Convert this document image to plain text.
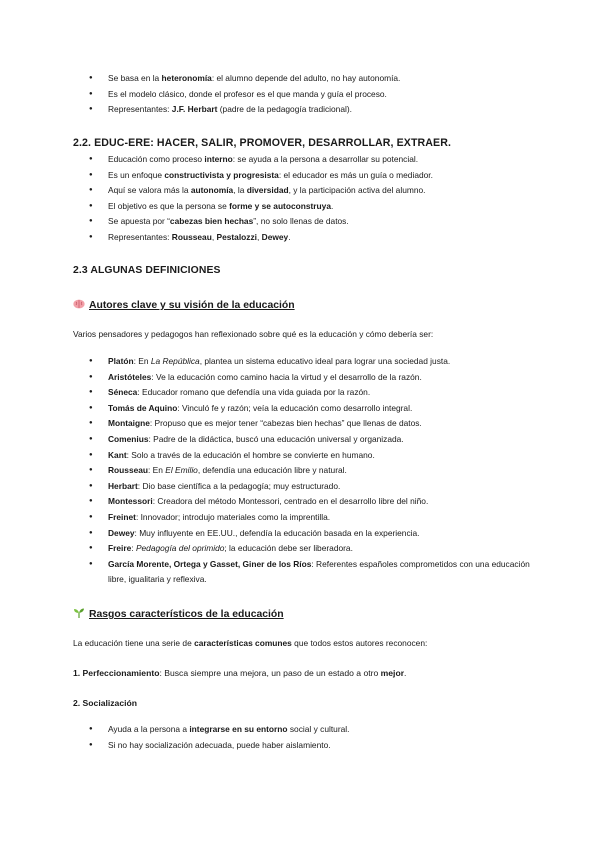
● Se basa en la heteronomía: el alumno depende del adulto, no hay autonomía.
● Es el modelo clásico, donde el profesor es el que manda y guía el proceso.
● Representantes: J.F. Herbart (padre de la pedagogía tradicional).
2.2. EDUC-ERE: HACER, SALIR, PROMOVER, DESARROLLAR, EXTRAER.
● Educación como proceso interno: se ayuda a la persona a desarrollar su potencial.
● Es un enfoque constructivista y progresista: el educador es más un guía o mediador.
● Aquí se valora más la autonomía, la diversidad, y la participación activa del alumno.
● El objetivo es que la persona se forme y se autoconstruya.
● Se apuesta por “cabezas bien hechas”, no solo llenas de datos.
● Representantes: Rousseau, Pestalozzi, Dewey.
2.3 ALGUNAS DEFINICIONES
Autores clave y su visión de la educación
Varios pensadores y pedagogos han reflexionado sobre qué es la educación y cómo debería ser:
● Platón: En La República, plantea un sistema educativo ideal para lograr una sociedad justa.
● Aristóteles: Ve la educación como camino hacia la virtud y el desarrollo de la razón.
● Séneca: Educador romano que defendía una vida guiada por la razón.
● Tomás de Aquino: Vinculó fe y razón; veía la educación como desarrollo integral.
● Montaigne: Propuso que es mejor tener “cabezas bien hechas” que llenas de datos.
● Comenius: Padre de la didáctica, buscó una educación universal y organizada.
● Kant: Solo a través de la educación el hombre se convierte en humano.
● Rousseau: En El Emilio, defendía una educación libre y natural.
● Herbart: Dio base científica a la pedagogía; muy estructurado.
● Montessori: Creadora del método Montessori, centrado en el desarrollo libre del niño.
● Freinet: Innovador; introdujo materiales como la imprentilla.
● Dewey: Muy influyente en EE.UU., defendía la educación basada en la experiencia.
● Freire: Pedagogía del oprimido; la educación debe ser liberadora.
● García Morente, Ortega y Gasset, Giner de los Ríos: Referentes españoles comprometidos con una educación libre, igualitaria y reflexiva.
Rasgos característicos de la educación
La educación tiene una serie de características comunes que todos estos autores reconocen:
1. Perfeccionamiento: Busca siempre una mejora, un paso de un estado a otro mejor.
2. Socialización
● Ayuda a la persona a integrarse en su entorno social y cultural.
● Si no hay socialización adecuada, puede haber aislamiento.
